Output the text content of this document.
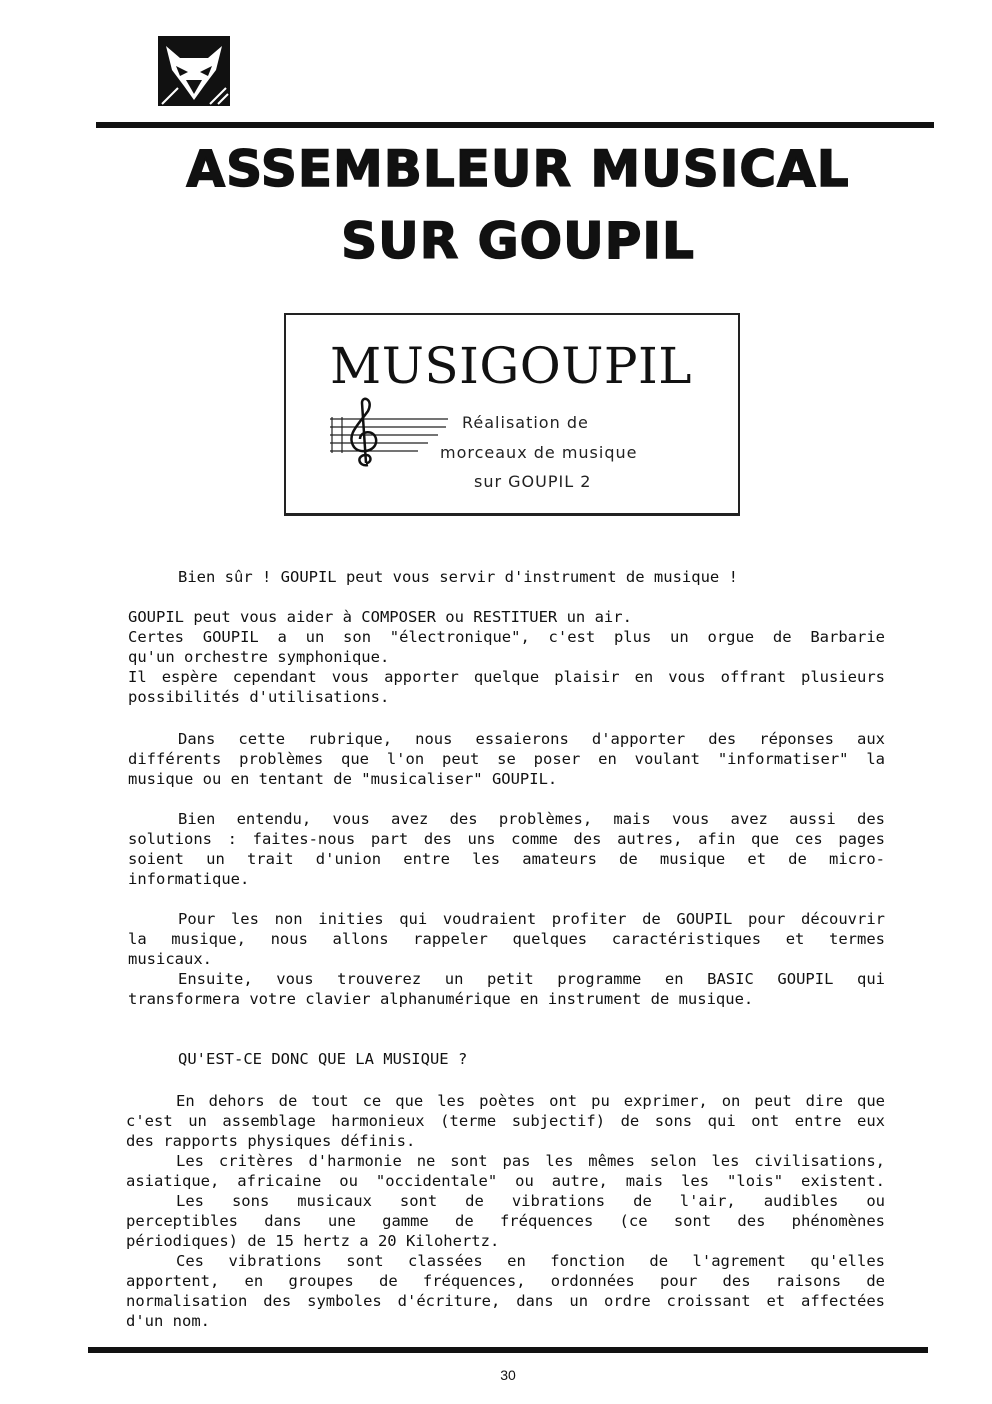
ASSEMBLEUR MUSICAL
SUR GOUPIL
MUSIGOUPIL
Réalisation de
morceaux de musique
sur GOUPIL 2
Bien sûr ! GOUPIL peut vous servir d'instrument de musique !
GOUPIL peut vous aider à COMPOSER ou RESTITUER un air.
Certes GOUPIL a un son "électronique", c'est plus un orgue de Barbarie
qu'un orchestre symphonique.
Il espère cependant vous apporter quelque plaisir en vous offrant plusieurs
possibilités d'utilisations.
Dans cette rubrique, nous essaierons d'apporter des réponses aux
différents problèmes que l'on peut se poser en voulant "informatiser" la
musique ou en tentant de "musicaliser" GOUPIL.
Bien entendu, vous avez des problèmes, mais vous avez aussi des
solutions : faites-nous part des uns comme des autres, afin que ces pages
soient un trait d'union entre les amateurs de musique et de micro-
informatique.
Pour les non inities qui voudraient profiter de GOUPIL pour découvrir
la musique, nous allons rappeler quelques caractéristiques et termes
musicaux.
Ensuite, vous trouverez un petit programme en BASIC GOUPIL qui
transformera votre clavier alphanumérique en instrument de musique.
QU'EST-CE DONC QUE LA MUSIQUE ?
En dehors de tout ce que les poètes ont pu exprimer, on peut dire que
c'est un assemblage harmonieux (terme subjectif) de sons qui ont entre eux
des rapports physiques définis.
Les critères d'harmonie ne sont pas les mêmes selon les civilisations,
asiatique, africaine ou "occidentale" ou autre, mais les "lois" existent.
Les sons musicaux sont de vibrations de l'air, audibles ou
perceptibles dans une gamme de fréquences (ce sont des phénomènes
périodiques) de 15 hertz a 20 Kilohertz.
Ces vibrations sont classées en fonction de l'agrement qu'elles
apportent, en groupes de fréquences, ordonnées pour des raisons de
normalisation des symboles d'écriture, dans un ordre croissant et affectées
d'un nom.
30
